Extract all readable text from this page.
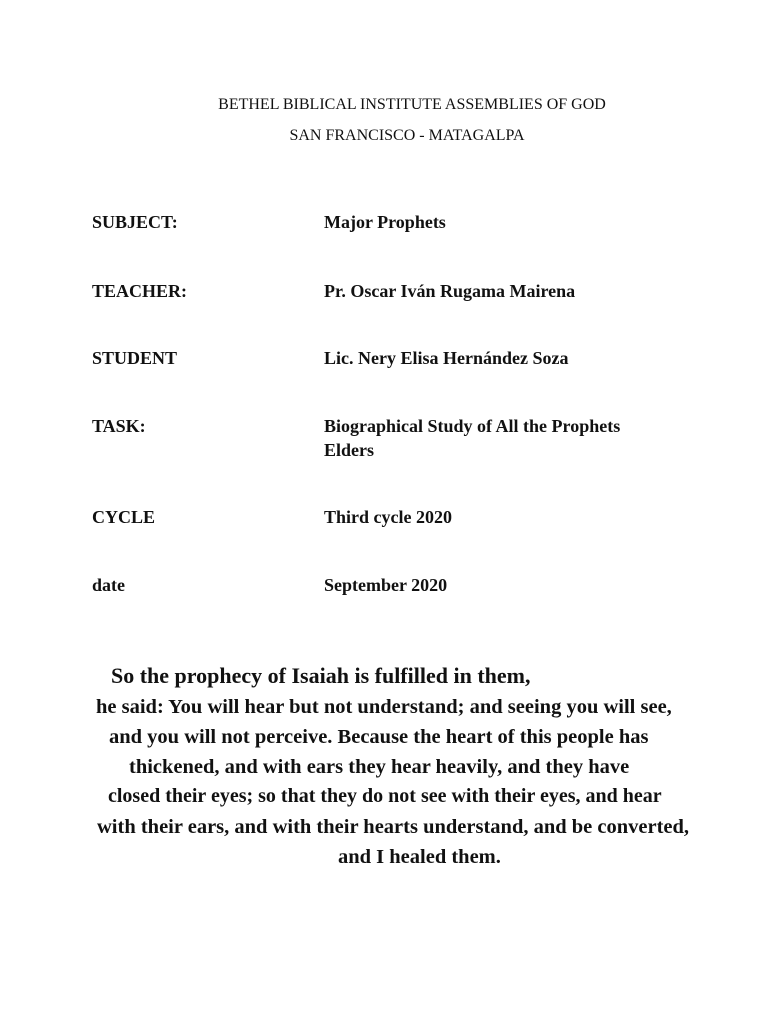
BETHEL BIBLICAL INSTITUTE ASSEMBLIES OF GOD
SAN FRANCISCO - MATAGALPA
SUBJECT:	Major Prophets
TEACHER:	Pr. Oscar Iván Rugama Mairena
STUDENT	Lic. Nery Elisa Hernández Soza
TASK:	Biographical Study of All the Prophets
Elders
CYCLE	Third cycle 2020
date	September 2020
So the prophecy of Isaiah is fulfilled in them,
he said: You will hear but not understand; and seeing you will see,
and you will not perceive. Because the heart of this people has
thickened, and with ears they hear heavily, and they have
closed their eyes; so that they do not see with their eyes, and hear
with their ears, and with their hearts understand, and be converted,
and I healed them.
